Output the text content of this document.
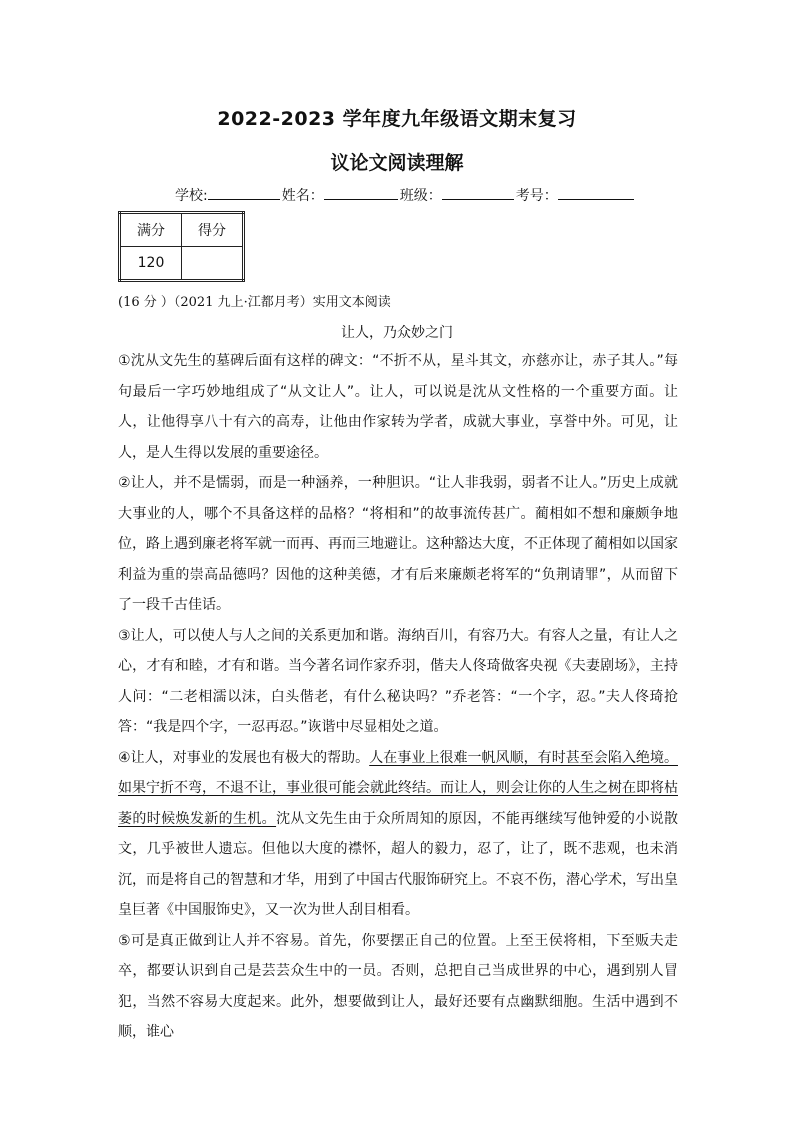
2022-2023 学年度九年级语文期末复习
议论文阅读理解
学校:	姓名：	班级：	考号：
满分	得分
120	
(16 分 ）（2021 九上·江都月考）实用文本阅读
让人，乃众妙之门

①沈从文先生的墓碑后面有这样的碑文：“不折不从，星斗其文，亦慈亦让，赤子其人。”每句最后一字巧妙地组成了“从文让人”。让人，可以说是沈从文性格的一个重要方面。让人，让他得享八十有六的高寿，让他由作家转为学者，成就大事业，享誉中外。可见，让人，是人生得以发展的重要途径。

②让人，并不是懦弱，而是一种涵养，一种胆识。“让人非我弱，弱者不让人。”历史上成就大事业的人，哪个不具备这样的品格？“将相和”的故事流传甚广。蔺相如不想和廉颇争地位，路上遇到廉老将军就一而再、再而三地避让。这种豁达大度，不正体现了蔺相如以国家利益为重的崇高品德吗？因他的这种美德，才有后来廉颇老将军的“负荆请罪”，从而留下了一段千古佳话。

③让人，可以使人与人之间的关系更加和谐。海纳百川，有容乃大。有容人之量，有让人之心，才有和睦，才有和谐。当今著名词作家乔羽，偕夫人佟琦做客央视《夫妻剧场》，主持人问：“二老相濡以沫，白头偕老，有什么秘诀吗？”乔老答：“一个字，忍。”夫人佟琦抢答：“我是四个字，一忍再忍。”诙谐中尽显相处之道。

④让人，对事业的发展也有极大的帮助。人在事业上很难一帆风顺，有时甚至会陷入绝境。如果宁折不弯，不退不让，事业很可能会就此终结。而让人，则会让你的人生之树在即将枯萎的时候焕发新的生机。沈从文先生由于众所周知的原因，不能再继续写他钟爱的小说散文，几乎被世人遗忘。但他以大度的襟怀，超人的毅力，忍了，让了，既不悲观，也未消沉，而是将自己的智慧和才华，用到了中国古代服饰研究上。不哀不伤，潜心学术，写出皇皇巨著《中国服饰史》，又一次为世人刮目相看。

⑤可是真正做到让人并不容易。首先，你要摆正自己的位置。上至王侯将相，下至贩夫走卒，都要认识到自己是芸芸众生中的一员。否则，总把自己当成世界的中心，遇到别人冒犯，当然不容易大度起来。此外，想要做到让人，最好还要有点幽默细胞。生活中遇到不顺，谁心
